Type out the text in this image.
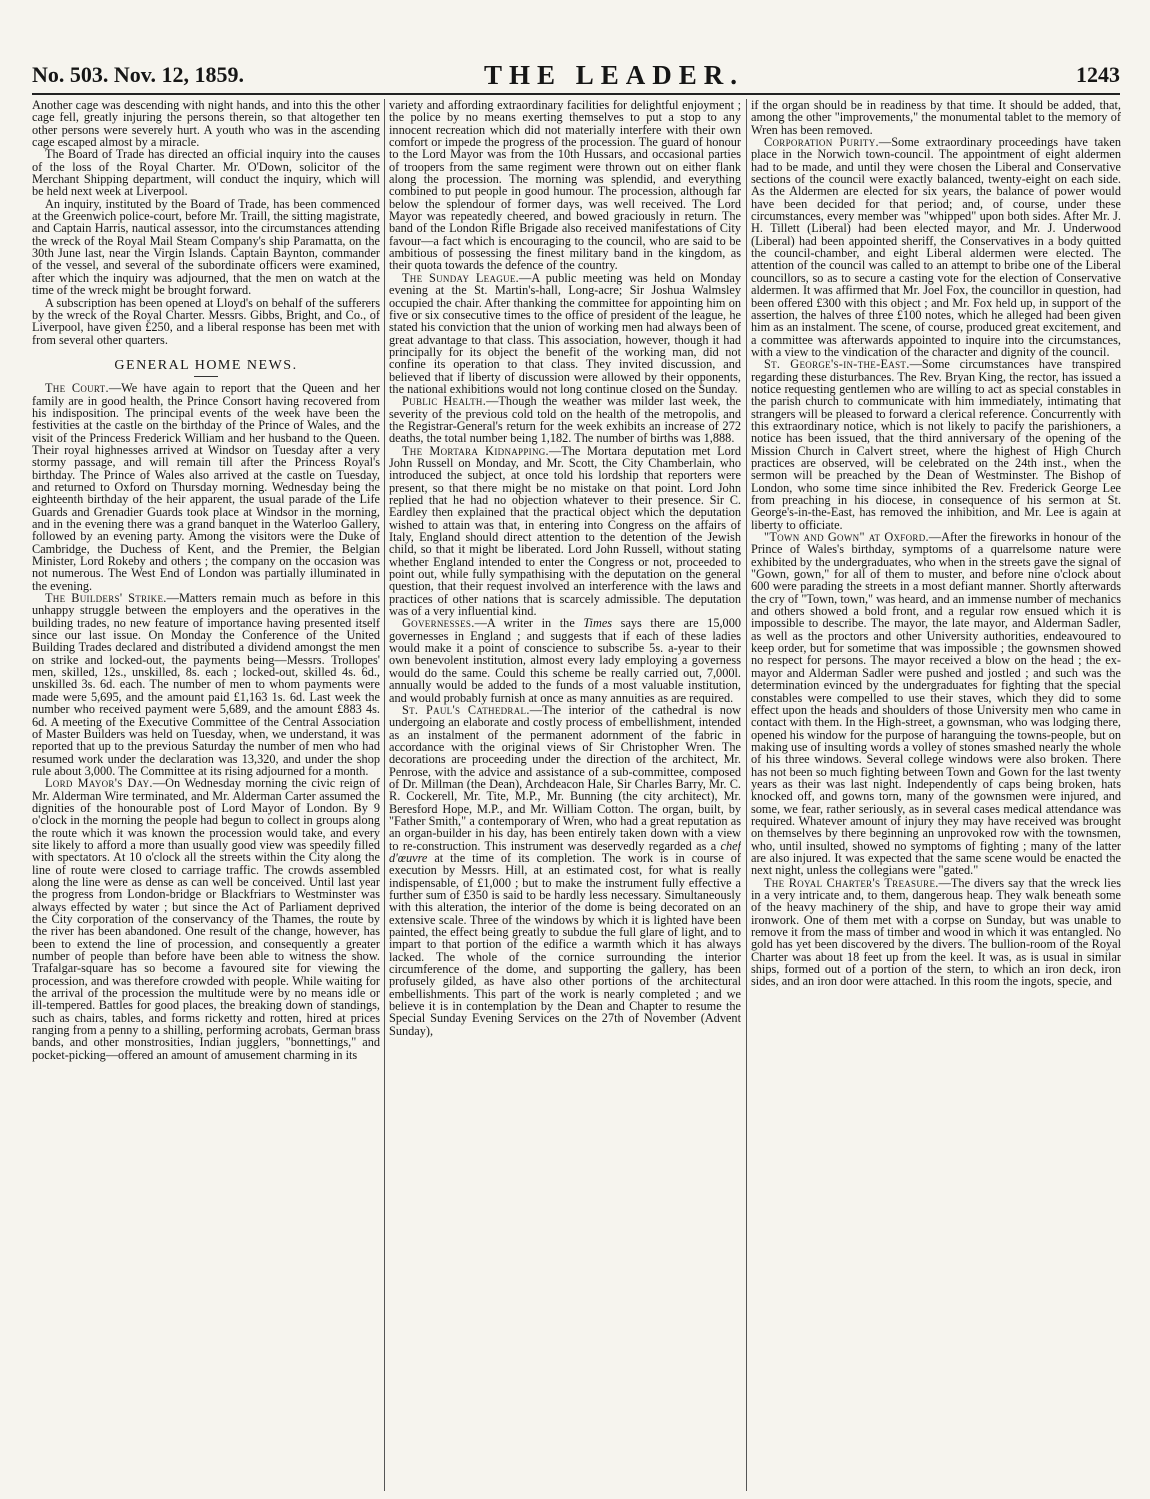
No. 503. Nov. 12, 1859.	THE LEADER.	1243

Another cage was descending with night hands, and into this the other cage fell, greatly injuring the persons therein, so that altogether ten other persons were severely hurt. A youth who was in the ascending cage escaped almost by a miracle.

The Board of Trade has directed an official inquiry into the causes of the loss of the Royal Charter. Mr. O'Down, solicitor of the Merchant Shipping department, will conduct the inquiry, which will be held next week at Liverpool.

An inquiry, instituted by the Board of Trade, has been commenced at the Greenwich police-court, before Mr. Traill, the sitting magistrate, and Captain Harris, nautical assessor, into the circumstances attending the wreck of the Royal Mail Steam Company's ship Paramatta, on the 30th June last, near the Virgin Islands. Captain Baynton, commander of the vessel, and several of the subordinate officers were examined, after which the inquiry was adjourned, that the men on watch at the time of the wreck might be brought forward.

A subscription has been opened at Lloyd's on behalf of the sufferers by the wreck of the Royal Charter. Messrs. Gibbs, Bright, and Co., of Liverpool, have given £250, and a liberal response has been met with from several other quarters.

GENERAL HOME NEWS.

The Court.—We have again to report that the Queen and her family are in good health, the Prince Consort having recovered from his indisposition. The principal events of the week have been the festivities at the castle on the birthday of the Prince of Wales, and the visit of the Princess Frederick William and her husband to the Queen. Their royal highnesses arrived at Windsor on Tuesday after a very stormy passage, and will remain till after the Princess Royal's birthday. The Prince of Wales also arrived at the castle on Tuesday, and returned to Oxford on Thursday morning. Wednesday being the eighteenth birthday of the heir apparent, the usual parade of the Life Guards and Grenadier Guards took place at Windsor in the morning, and in the evening there was a grand banquet in the Waterloo Gallery, followed by an evening party. Among the visitors were the Duke of Cambridge, the Duchess of Kent, and the Premier, the Belgian Minister, Lord Rokeby and others ; the company on the occasion was not numerous. The West End of London was partially illuminated in the evening.

The Builders' Strike.—Matters remain much as before in this unhappy struggle between the employers and the operatives in the building trades, no new feature of importance having presented itself since our last issue. On Monday the Conference of the United Building Trades declared and distributed a dividend amongst the men on strike and locked-out, the payments being—Messrs. Trollopes' men, skilled, 12s., unskilled, 8s. each ; locked-out, skilled 4s. 6d., unskilled 3s. 6d. each. The number of men to whom payments were made were 5,695, and the amount paid £1,163 1s. 6d. Last week the number who received payment were 5,689, and the amount £883 4s. 6d. A meeting of the Executive Committee of the Central Association of Master Builders was held on Tuesday, when, we understand, it was reported that up to the previous Saturday the number of men who had resumed work under the declaration was 13,320, and under the shop rule about 3,000. The Committee at its rising adjourned for a month.

Lord Mayor's Day.—On Wednesday morning the civic reign of Mr. Alderman Wire terminated, and Mr. Alderman Carter assumed the dignities of the honourable post of Lord Mayor of London. By 9 o'clock in the morning the people had begun to collect in groups along the route which it was known the procession would take, and every site likely to afford a more than usually good view was speedily filled with spectators. At 10 o'clock all the streets within the City along the line of route were closed to carriage traffic. The crowds assembled along the line were as dense as can well be conceived. Until last year the progress from London-bridge or Blackfriars to Westminster was always effected by water ; but since the Act of Parliament deprived the City corporation of the conservancy of the Thames, the route by the river has been abandoned. One result of the change, however, has been to extend the line of procession, and consequently a greater number of people than before have been able to witness the show. Trafalgar-square has so become a favoured site for viewing the procession, and was therefore crowded with people. While waiting for the arrival of the procession the multitude were by no means idle or ill-tempered. Battles for good places, the breaking down of standings, such as chairs, tables, and forms ricketty and rotten, hired at prices ranging from a penny to a shilling, performing acrobats, German brass bands, and other monstrosities, Indian jugglers, "bonnettings," and pocket-picking—offered an amount of amusement charming in its

variety and affording extraordinary facilities for delightful enjoyment ; the police by no means exerting themselves to put a stop to any innocent recreation which did not materially interfere with their own comfort or impede the progress of the procession. The guard of honour to the Lord Mayor was from the 10th Hussars, and occasional parties of troopers from the same regiment were thrown out on either flank along the procession. The morning was splendid, and everything combined to put people in good humour. The procession, although far below the splendour of former days, was well received. The Lord Mayor was repeatedly cheered, and bowed graciously in return. The band of the London Rifle Brigade also received manifestations of City favour—a fact which is encouraging to the council, who are said to be ambitious of possessing the finest military band in the kingdom, as their quota towards the defence of the country.

The Sunday League.—A public meeting was held on Monday evening at the St. Martin's-hall, Long-acre; Sir Joshua Walmsley occupied the chair. After thanking the committee for appointing him on five or six consecutive times to the office of president of the league, he stated his conviction that the union of working men had always been of great advantage to that class. This association, however, though it had principally for its object the benefit of the working man, did not confine its operation to that class. They invited discussion, and believed that if liberty of discussion were allowed by their opponents, the national exhibitions would not long continue closed on the Sunday.

Public Health.—Though the weather was milder last week, the severity of the previous cold told on the health of the metropolis, and the Registrar-General's return for the week exhibits an increase of 272 deaths, the total number being 1,182. The number of births was 1,888.

The Mortara Kidnapping.—The Mortara deputation met Lord John Russell on Monday, and Mr. Scott, the City Chamberlain, who introduced the subject, at once told his lordship that reporters were present, so that there might be no mistake on that point. Lord John replied that he had no objection whatever to their presence. Sir C. Eardley then explained that the practical object which the deputation wished to attain was that, in entering into Congress on the affairs of Italy, England should direct attention to the detention of the Jewish child, so that it might be liberated. Lord John Russell, without stating whether England intended to enter the Congress or not, proceeded to point out, while fully sympathising with the deputation on the general question, that their request involved an interference with the laws and practices of other nations that is scarcely admissible. The deputation was of a very influential kind.

Governesses.—A writer in the Times says there are 15,000 governesses in England ; and suggests that if each of these ladies would make it a point of conscience to subscribe 5s. a-year to their own benevolent institution, almost every lady employing a governess would do the same. Could this scheme be really carried out, 7,000l. annually would be added to the funds of a most valuable institution, and would probably furnish at once as many annuities as are required.

St. Paul's Cathedral.—The interior of the cathedral is now undergoing an elaborate and costly process of embellishment, intended as an instalment of the permanent adornment of the fabric in accordance with the original views of Sir Christopher Wren. The decorations are proceeding under the direction of the architect, Mr. Penrose, with the advice and assistance of a sub-committee, composed of Dr. Millman (the Dean), Archdeacon Hale, Sir Charles Barry, Mr. C. R. Cockerell, Mr. Tite, M.P., Mr. Bunning (the city architect), Mr. Beresford Hope, M.P., and Mr. William Cotton. The organ, built, by "Father Smith," a contemporary of Wren, who had a great reputation as an organ-builder in his day, has been entirely taken down with a view to re-construction. This instrument was deservedly regarded as a chef d'œuvre at the time of its completion. The work is in course of execution by Messrs. Hill, at an estimated cost, for what is really indispensable, of £1,000 ; but to make the instrument fully effective a further sum of £350 is said to be hardly less necessary. Simultaneously with this alteration, the interior of the dome is being decorated on an extensive scale. Three of the windows by which it is lighted have been painted, the effect being greatly to subdue the full glare of light, and to impart to that portion of the edifice a warmth which it has always lacked. The whole of the cornice surrounding the interior circumference of the dome, and supporting the gallery, has been profusely gilded, as have also other portions of the architectural embellishments. This part of the work is nearly completed ; and we believe it is in contemplation by the Dean and Chapter to resume the Special Sunday Evening Services on the 27th of November (Advent Sunday),

if the organ should be in readiness by that time. It should be added, that, among the other "improvements," the monumental tablet to the memory of Wren has been removed.

Corporation Purity.—Some extraordinary proceedings have taken place in the Norwich town-council. The appointment of eight aldermen had to be made, and until they were chosen the Liberal and Conservative sections of the council were exactly balanced, twenty-eight on each side. As the Aldermen are elected for six years, the balance of power would have been decided for that period; and, of course, under these circumstances, every member was "whipped" upon both sides. After Mr. J. H. Tillett (Liberal) had been elected mayor, and Mr. J. Underwood (Liberal) had been appointed sheriff, the Conservatives in a body quitted the council-chamber, and eight Liberal aldermen were elected. The attention of the council was called to an attempt to bribe one of the Liberal councillors, so as to secure a casting vote for the election of Conservative aldermen. It was affirmed that Mr. Joel Fox, the councillor in question, had been offered £300 with this object ; and Mr. Fox held up, in support of the assertion, the halves of three £100 notes, which he alleged had been given him as an instalment. The scene, of course, produced great excitement, and a committee was afterwards appointed to inquire into the circumstances, with a view to the vindication of the character and dignity of the council.

St. George's-in-the-East.—Some circumstances have transpired regarding these disturbances. The Rev. Bryan King, the rector, has issued a notice requesting gentlemen who are willing to act as special constables in the parish church to communicate with him immediately, intimating that strangers will be pleased to forward a clerical reference. Concurrently with this extraordinary notice, which is not likely to pacify the parishioners, a notice has been issued, that the third anniversary of the opening of the Mission Church in Calvert street, where the highest of High Church practices are observed, will be celebrated on the 24th inst., when the sermon will be preached by the Dean of Westminster. The Bishop of London, who some time since inhibited the Rev. Frederick George Lee from preaching in his diocese, in consequence of his sermon at St. George's-in-the-East, has removed the inhibition, and Mr. Lee is again at liberty to officiate.

"Town and Gown" at Oxford.—After the fireworks in honour of the Prince of Wales's birthday, symptoms of a quarrelsome nature were exhibited by the undergraduates, who when in the streets gave the signal of "Gown, gown," for all of them to muster, and before nine o'clock about 600 were parading the streets in a most defiant manner. Shortly afterwards the cry of "Town, town," was heard, and an immense number of mechanics and others showed a bold front, and a regular row ensued which it is impossible to describe. The mayor, the late mayor, and Alderman Sadler, as well as the proctors and other University authorities, endeavoured to keep order, but for sometime that was impossible ; the gownsmen showed no respect for persons. The mayor received a blow on the head ; the ex-mayor and Alderman Sadler were pushed and jostled ; and such was the determination evinced by the undergraduates for fighting that the special constables were compelled to use their staves, which they did to some effect upon the heads and shoulders of those University men who came in contact with them. In the High-street, a gownsman, who was lodging there, opened his window for the purpose of haranguing the towns-people, but on making use of insulting words a volley of stones smashed nearly the whole of his three windows. Several college windows were also broken. There has not been so much fighting between Town and Gown for the last twenty years as their was last night. Independently of caps being broken, hats knocked off, and gowns torn, many of the gownsmen were injured, and some, we fear, rather seriously, as in several cases medical attendance was required. Whatever amount of injury they may have received was brought on themselves by there beginning an unprovoked row with the townsmen, who, until insulted, showed no symptoms of fighting ; many of the latter are also injured. It was expected that the same scene would be enacted the next night, unless the collegians were "gated."

The Royal Charter's Treasure.—The divers say that the wreck lies in a very intricate and, to them, dangerous heap. They walk beneath some of the heavy machinery of the ship, and have to grope their way amid ironwork. One of them met with a corpse on Sunday, but was unable to remove it from the mass of timber and wood in which it was entangled. No gold has yet been discovered by the divers. The bullion-room of the Royal Charter was about 18 feet up from the keel. It was, as is usual in similar ships, formed out of a portion of the stern, to which an iron deck, iron sides, and an iron door were attached. In this room the ingots, specie, and
